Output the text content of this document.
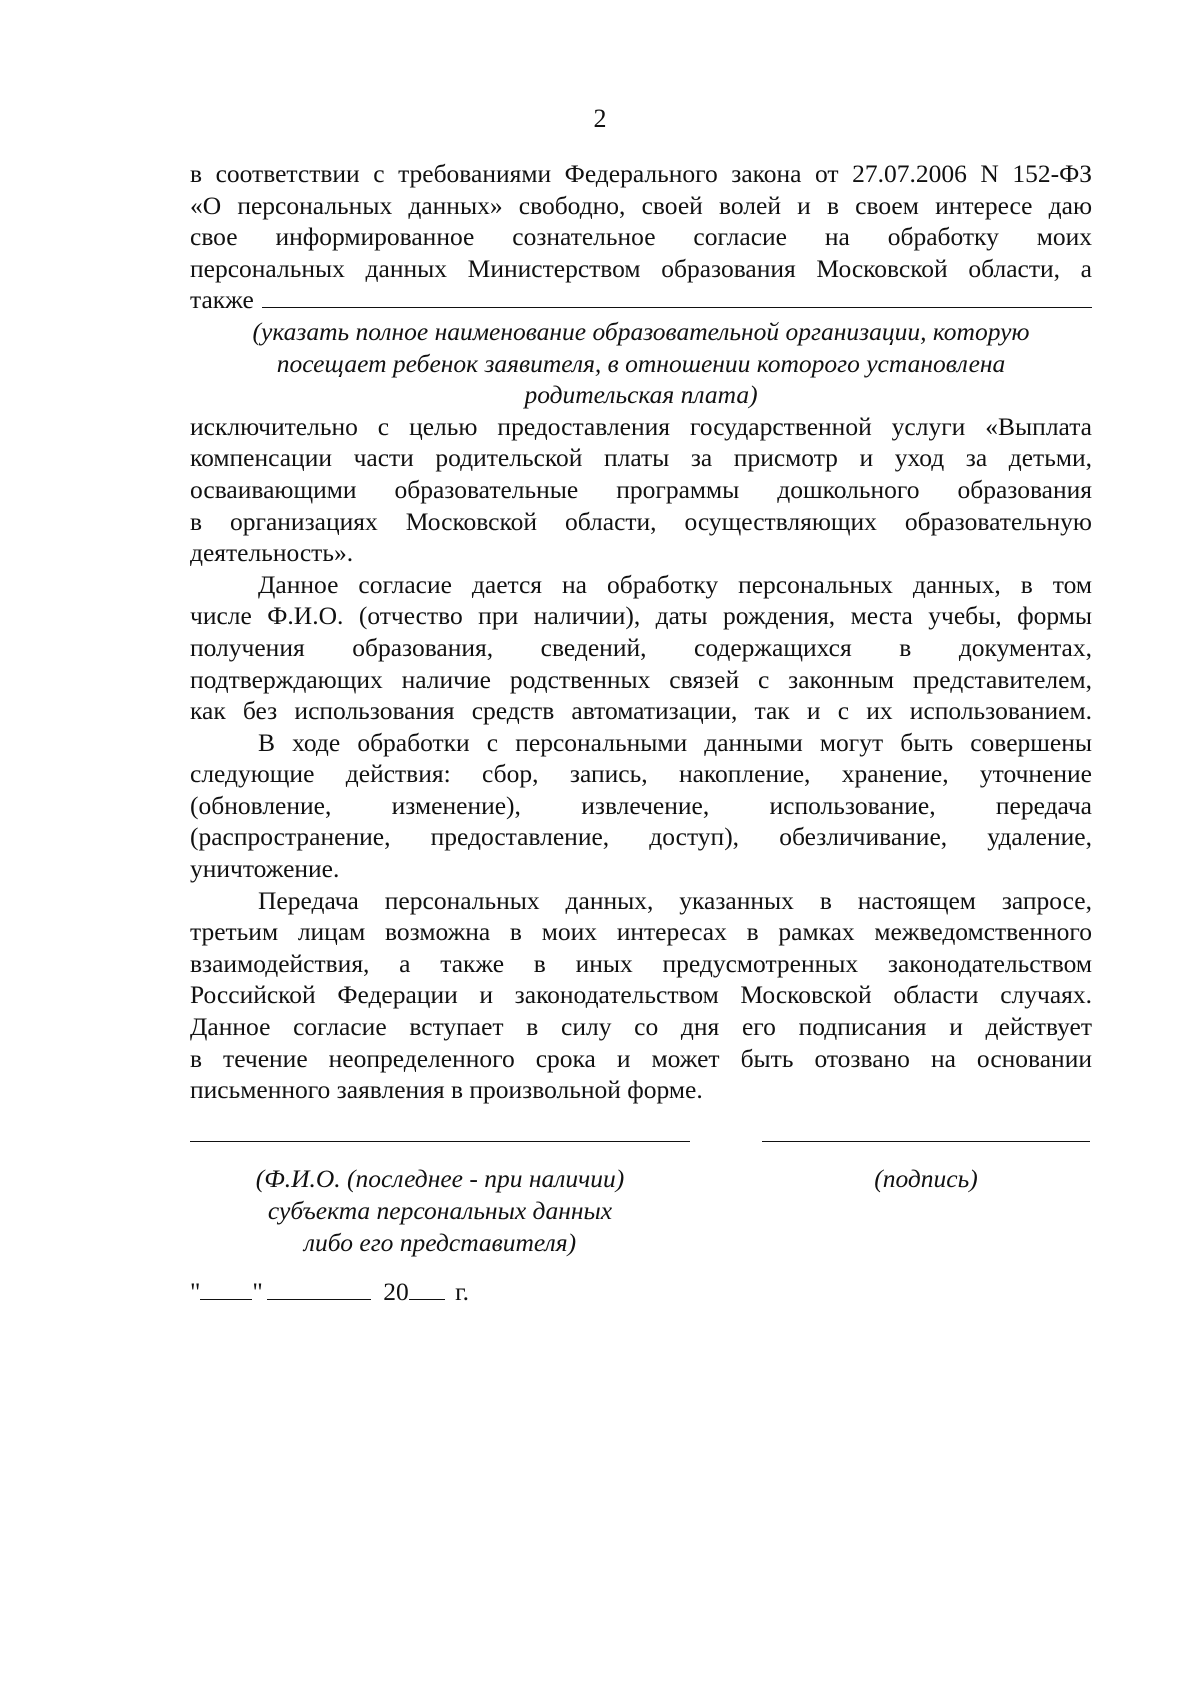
2
в соответствии с требованиями Федерального закона от 27.07.2006 N 152-ФЗ
«О персональных данных» свободно, своей волей и в своем интересе даю
свое информированное сознательное согласие на обработку моих
персональных данных Министерством образования Московской области, а
также
(указать полное наименование образовательной организации, которую
посещает ребенок заявителя, в отношении которого установлена
родительская плата)
исключительно с целью предоставления государственной услуги «Выплата
компенсации части родительской платы за присмотр и уход за детьми,
осваивающими образовательные программы дошкольного образования
в организациях Московской области, осуществляющих образовательную
деятельность».
Данное согласие дается на обработку персональных данных, в том
числе Ф.И.О. (отчество при наличии), даты рождения, места учебы, формы
получения образования, сведений, содержащихся в документах,
подтверждающих наличие родственных связей с законным представителем,
как без использования средств автоматизации, так и с их использованием.
В ходе обработки с персональными данными могут быть совершены
следующие действия: сбор, запись, накопление, хранение, уточнение
(обновление, изменение), извлечение, использование, передача
(распространение, предоставление, доступ), обезличивание, удаление,
уничтожение.
Передача персональных данных, указанных в настоящем запросе,
третьим лицам возможна в моих интересах в рамках межведомственного
взаимодействия, а также в иных предусмотренных законодательством
Российской Федерации и законодательством Московской области случаях.
Данное согласие вступает в силу со дня его подписания и действует
в течение неопределенного срока и может быть отозвано на основании
письменного заявления в произвольной форме.
(Ф.И.О. (последнее - при наличии)
субъекта персональных данных
либо его представителя)
(подпись)
" "	20 г.
